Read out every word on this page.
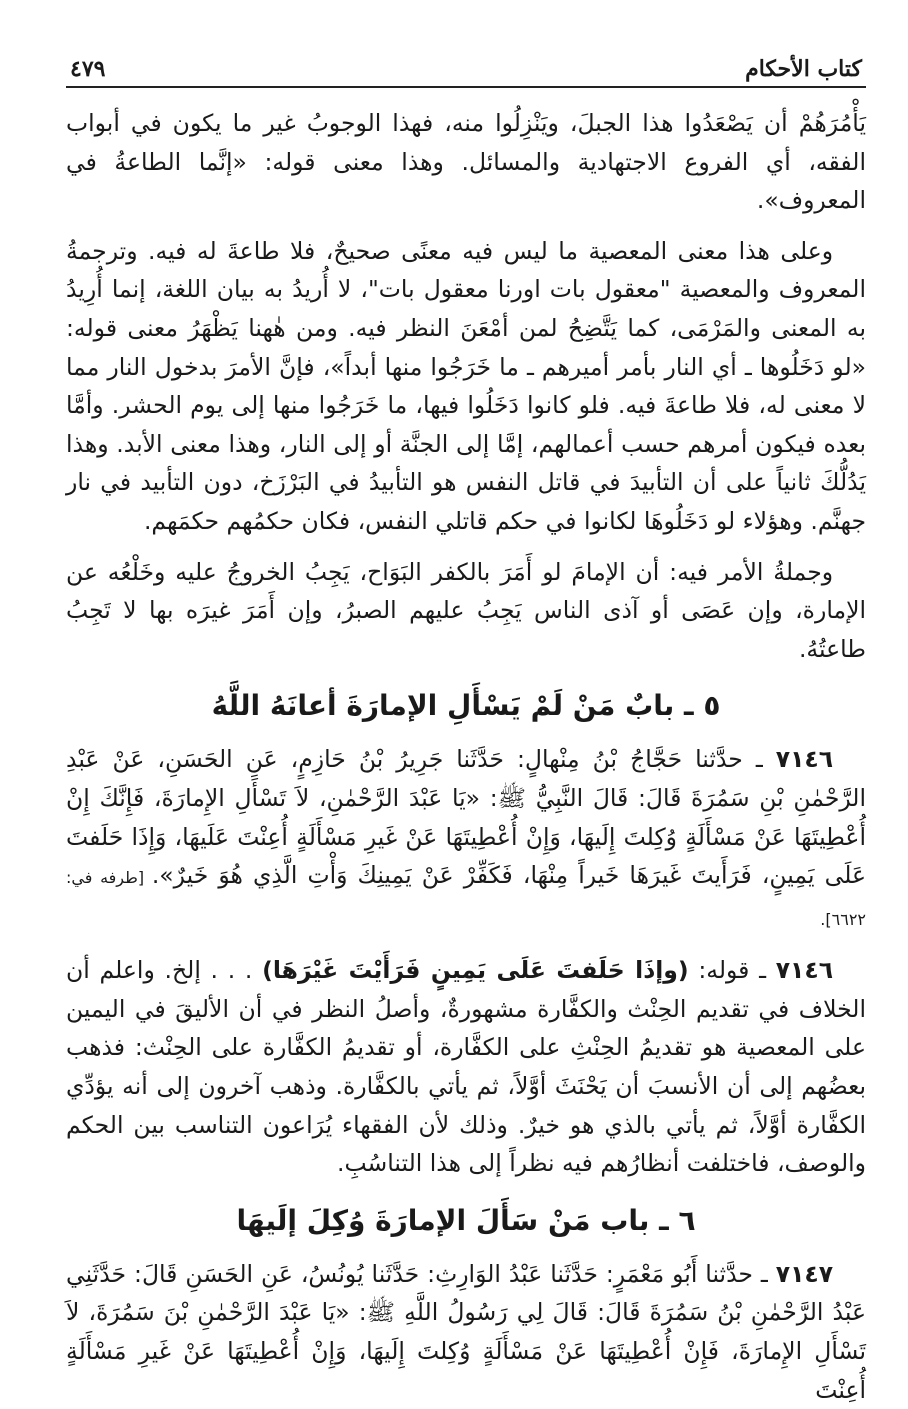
كتاب الأحكام
٤٧٩

يَأْمُرَهُمْ أن يَصْعَدُوا هذا الجبلَ، ويَنْزِلُوا منه، فهذا الوجوبُ غير ما يكون في أبواب الفقه، أي الفروع الاجتهادية والمسائل. وهذا معنى قوله: «إنَّما الطاعةُ في المعروف».

وعلى هذا معنى المعصية ما ليس فيه معنًى صحيحٌ، فلا طاعةَ له فيه. وترجمةُ المعروف والمعصية "معقول بات اورنا معقول بات"، لا أُريدُ به بيان اللغة، إنما أُرِيدُ به المعنى والمَرْمَى، كما يَتَّضِحُ لمن أمْعَنَ النظر فيه. ومن هٰهنا يَظْهَرُ معنى قوله: «لو دَخَلُوها ـ أي النار بأمر أميرهم ـ ما خَرَجُوا منها أبداً»، فإنَّ الأمرَ بدخول النار مما لا معنى له، فلا طاعةَ فيه. فلو كانوا دَخَلُوا فيها، ما خَرَجُوا منها إلى يوم الحشر. وأمَّا بعده فيكون أمرهم حسب أعمالهم، إمَّا إلى الجنَّة أو إلى النار، وهذا معنى الأبد. وهذا يَدُلُّكَ ثانياً على أن التأبيدَ في قاتل النفس هو التأبيدُ في البَرْزَخ، دون التأبيد في نار جهنَّم. وهؤلاء لو دَخَلُوهَا لكانوا في حكم قاتلي النفس، فكان حكمُهم حكمَهم.

وجملةُ الأمر فيه: أن الإمامَ لو أَمَرَ بالكفر البَوَاح، يَجِبُ الخروجُ عليه وخَلْعُه عن الإمارة، وإن عَصَى أو آذى الناس يَجِبُ عليهم الصبرُ، وإن أَمَرَ غيرَه بها لا تَجِبُ طاعتُهُ.

٥ ـ بابٌ مَنْ لَمْ يَسْأَلِ الإمارَةَ أعانَهُ اللَّهُ

٧١٤٦ ـ حدَّثنا حَجَّاجُ بْنُ مِنْهالٍ: حَدَّثَنا جَرِيرُ بْنُ حَازِمٍ، عَنِ الحَسَنِ، عَنْ عَبْدِ الرَّحْمٰنِ بْنِ سَمُرَةَ قَالَ: قَالَ النَّبِيُّ ﷺ: «يَا عَبْدَ الرَّحْمٰنِ، لاَ تَسْأَلِ الإِمارَةَ، فَإِنَّكَ إِنْ أُعْطِيتَهَا عَنْ مَسْأَلَةٍ وُكِلتَ إِلَيهَا، وَإِنْ أُعْطِيتَهَا عَنْ غَيرِ مَسْأَلَةٍ أُعِنْتَ عَلَيهَا، وَإِذَا حَلَفتَ عَلَى يَمِينٍ، فَرَأَيتَ غَيرَهَا خَيراً مِنْهَا، فَكَفِّرْ عَنْ يَمِينِكَ وَأْتِ الَّذِي هُوَ خَيرٌ». [طرفه في: ٦٦٢٢].

٧١٤٦ ـ قوله: (وإذَا حَلَفتَ عَلَى يَمِينٍ فَرَأَيْتَ غَيْرَهَا) . . . إلخ. واعلم أن الخلاف في تقديم الحِنْث والكفَّارة مشهورةٌ، وأصلُ النظر في أن الأليقَ في اليمين على المعصية هو تقديمُ الحِنْثِ على الكفَّارة، أو تقديمُ الكفَّارة على الحِنْث: فذهب بعضُهم إلى أن الأنسبَ أن يَحْنَثَ أوَّلاً، ثم يأتي بالكفَّارة. وذهب آخرون إلى أنه يؤدِّي الكفَّارة أوَّلاً، ثم يأتي بالذي هو خيرٌ. وذلك لأن الفقهاء يُرَاعون التناسب بين الحكم والوصف، فاختلفت أنظارُهم فيه نظراً إلى هذا التناسُبِ.

٦ ـ باب مَنْ سَأَلَ الإمارَةَ وُكِلَ إلَيهَا

٧١٤٧ ـ حدَّثنا أَبُو مَعْمَرٍ: حَدَّثَنا عَبْدُ الوَارِثِ: حَدَّثَنا يُونُسُ، عَنِ الحَسَنِ قَالَ: حَدَّثَنِي عَبْدُ الرَّحْمٰنِ بْنُ سَمُرَةَ قَالَ: قَالَ لِي رَسُولُ اللَّهِ ﷺ: «يَا عَبْدَ الرَّحْمٰنِ بْنَ سَمُرَةَ، لاَ تَسْأَلِ الإِمارَةَ، فَإِنْ أُعْطِيتَهَا عَنْ مَسْأَلَةٍ وُكِلتَ إِلَيهَا، وَإِنْ أُعْطِيتَهَا عَنْ غَيرِ مَسْأَلَةٍ أُعِنْتَ
